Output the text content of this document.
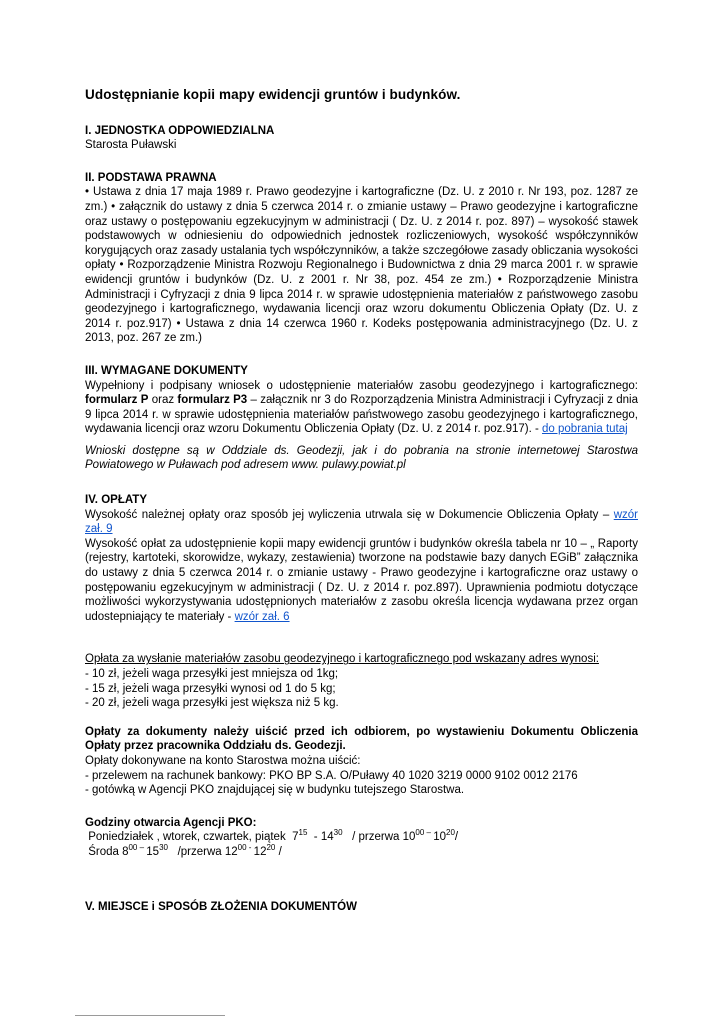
Udostępnianie kopii mapy ewidencji gruntów i budynków.
I. JEDNOSTKA ODPOWIEDZIALNA
Starosta Puławski
II. PODSTAWA PRAWNA

• Ustawa z dnia 17 maja 1989 r. Prawo geodezyjne i kartograficzne (Dz. U. z 2010 r. Nr 193, poz. 1287 ze zm.) • załącznik do ustawy z dnia 5 czerwca 2014 r. o zmianie ustawy – Prawo geodezyjne i kartograficzne oraz ustawy o postępowaniu egzekucyjnym w administracji ( Dz. U. z 2014 r. poz. 897) – wysokość stawek podstawowych w odniesieniu do odpowiednich jednostek rozliczeniowych, wysokość współczynników korygujących oraz zasady ustalania tych współczynników, a także szczegółowe zasady obliczania wysokości opłaty • Rozporządzenie Ministra Rozwoju Regionalnego i Budownictwa z dnia 29 marca 2001 r. w sprawie ewidencji gruntów i budynków (Dz. U. z 2001 r. Nr 38, poz. 454 ze zm.) • Rozporządzenie Ministra Administracji i Cyfryzacji z dnia 9 lipca 2014 r. w sprawie udostępnienia materiałów z państwowego zasobu geodezyjnego i kartograficznego, wydawania licencji oraz wzoru dokumentu Obliczenia Opłaty (Dz. U. z 2014 r. poz.917) • Ustawa z dnia 14 czerwca 1960 r. Kodeks postępowania administracyjnego (Dz. U. z 2013, poz. 267 ze zm.)

III. WYMAGANE DOKUMENTY

Wypełniony i podpisany wniosek o udostępnienie materiałów zasobu geodezyjnego i kartograficznego: formularz P oraz formularz P3 – załącznik nr 3 do Rozporządzenia Ministra Administracji i Cyfryzacji z dnia 9 lipca 2014 r. w sprawie udostępnienia materiałów państwowego zasobu geodezyjnego i kartograficznego, wydawania licencji oraz wzoru Dokumentu Obliczenia Opłaty (Dz. U. z 2014 r. poz.917). - do pobrania tutaj

Wnioski dostępne są w Oddziale ds. Geodezji, jak i do pobrania na stronie internetowej Starostwa Powiatowego w Puławach pod adresem www. pulawy.powiat.pl

IV. OPŁATY

Wysokość należnej opłaty oraz sposób jej wyliczenia utrwala się w Dokumencie Obliczenia Opłaty – wzór zał. 9

Wysokość opłat za udostępnienie kopii mapy ewidencji gruntów i budynków określa tabela nr 10 – „ Raporty (rejestry, kartoteki, skorowidze, wykazy, zestawienia) tworzone na podstawie bazy danych EGiB” załącznika do ustawy z dnia 5 czerwca 2014 r. o zmianie ustawy - Prawo geodezyjne i kartograficzne oraz ustawy o postępowaniu egzekucyjnym w administracji ( Dz. U. z 2014 r. poz.897). Uprawnienia podmiotu dotyczące możliwości wykorzystywania udostępnionych materiałów z zasobu określa licencja wydawana przez organ udostepniający te materiały - wzór zał. 6

Opłata za wysłanie materiałów zasobu geodezyjnego i kartograficznego pod wskazany adres wynosi:

- 10 zł, jeżeli waga przesyłki jest mniejsza od 1kg;
- 15 zł, jeżeli waga przesyłki wynosi od 1 do 5 kg;
- 20 zł, jeżeli waga przesyłki jest większa niż 5 kg.

Opłaty za dokumenty należy uiścić przed ich odbiorem, po wystawieniu Dokumentu Obliczenia Opłaty przez pracownika Oddziału ds. Geodezji.

Opłaty dokonywane na konto Starostwa można uiścić:
- przelewem na rachunek bankowy: PKO BP S.A. O/Puławy 40 1020 3219 0000 9102 0012 2176
- gotówką w Agencji PKO znajdującej się w budynku tutejszego Starostwa.
Godziny otwarcia Agencji PKO:
Poniedziałek , wtorek, czwartek, piątek  $7^{15} - 14^{30}$   / przerwa $10^{00 -}$ $10^{20}/$
Środa $8^{00 -}$ $15^{30}$   /przerwa $12^{00 -}$ $12^{20}$ /
V. MIEJSCE i SPOSÓB ZŁOŻENIA DOKUMENTÓW
